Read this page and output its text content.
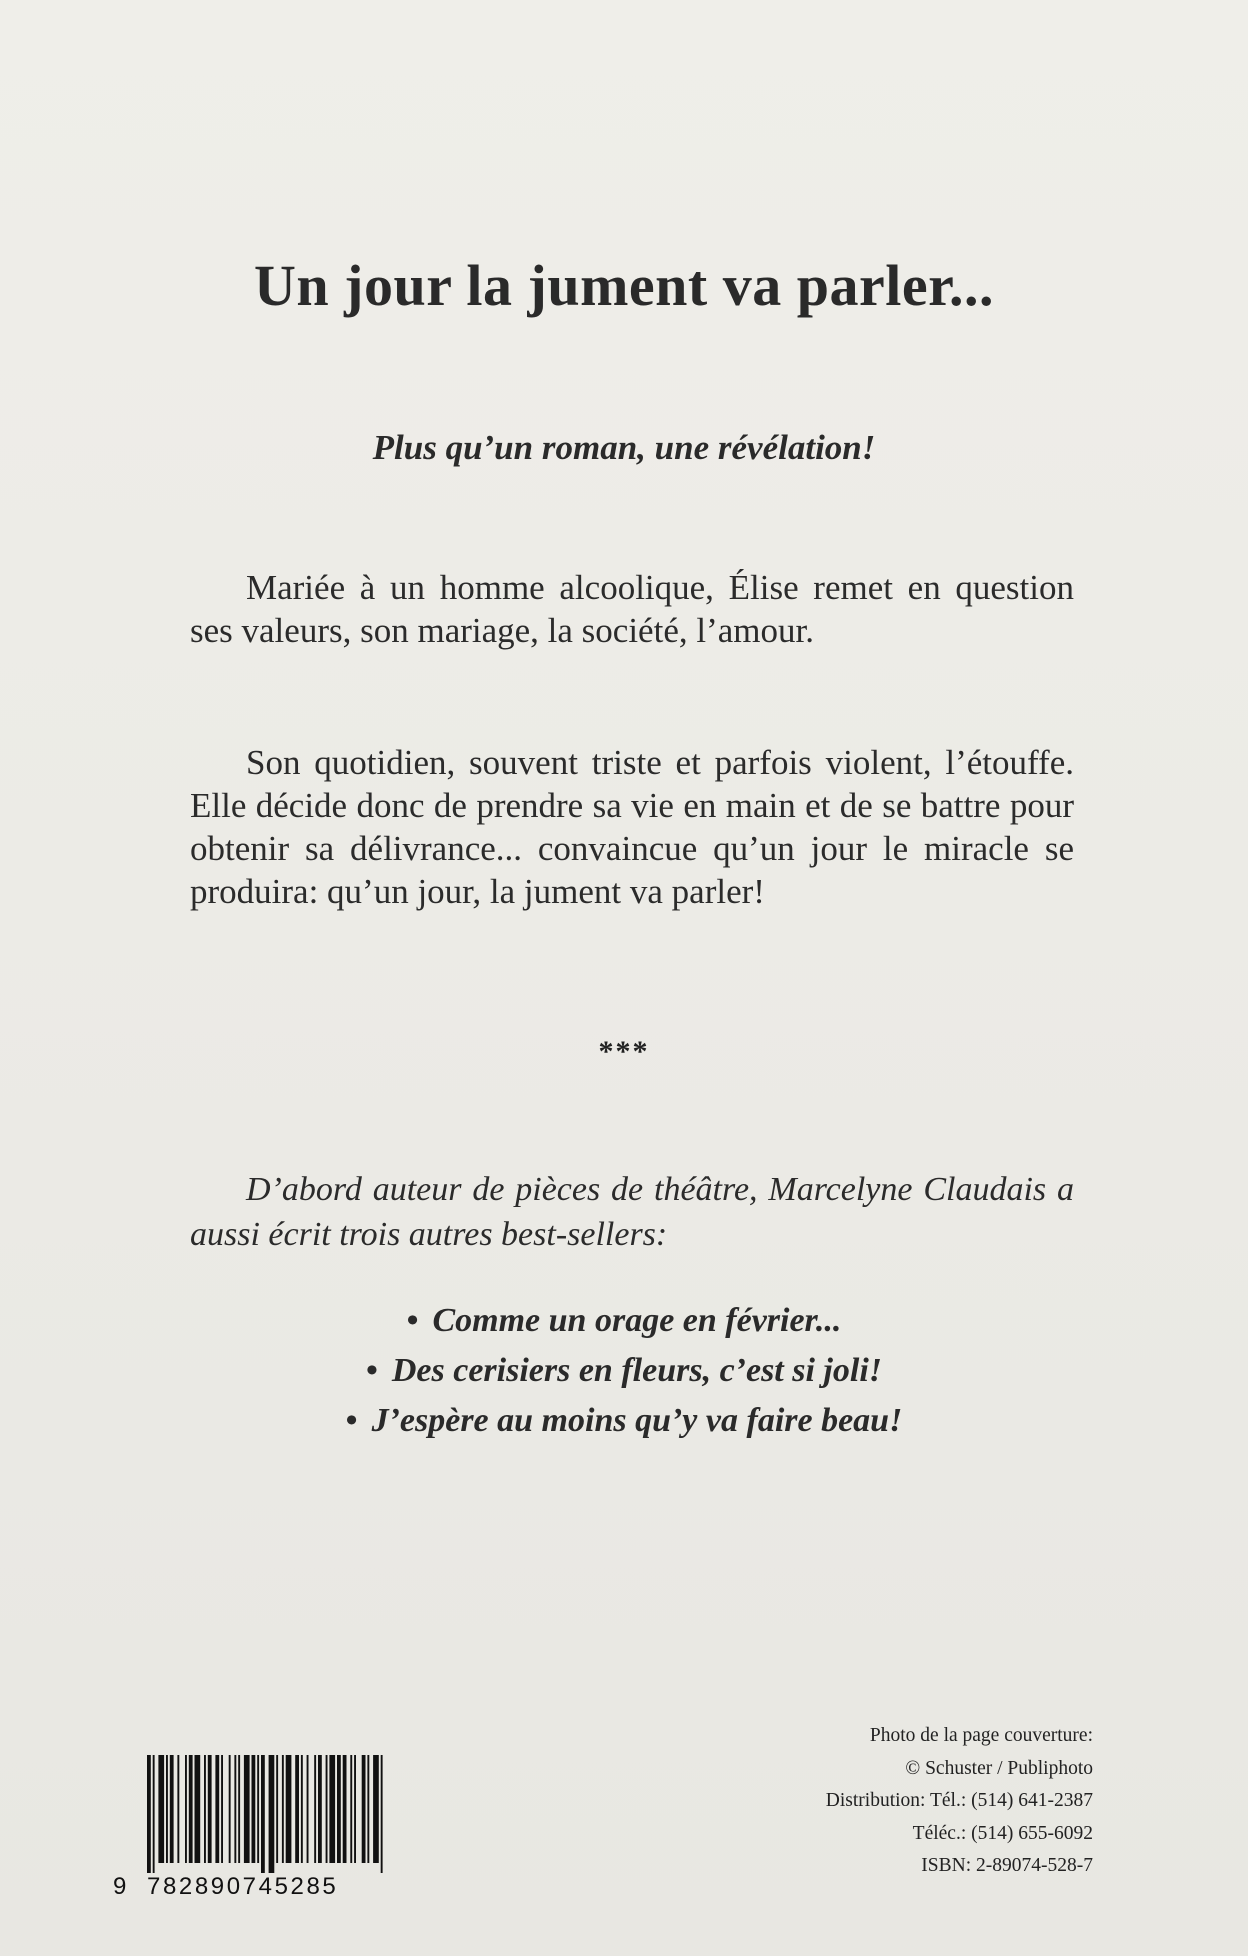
Un jour la jument va parler...
Plus qu’un roman, une révélation!
Mariée à un homme alcoolique, Élise remet en question ses valeurs, son mariage, la société, l’amour.
Son quotidien, souvent triste et parfois violent, l’étouffe. Elle décide donc de prendre sa vie en main et de se battre pour obtenir sa délivrance... convaincue qu’un jour le miracle se produira: qu’un jour, la jument va parler!
***
D’abord auteur de pièces de théâtre, Marcelyne Claudais a aussi écrit trois autres best-sellers:
• Comme un orage en février...
• Des cerisiers en fleurs, c’est si joli!
• J’espère au moins qu’y va faire beau!
Photo de la page couverture:
© Schuster / Publiphoto
Distribution: Tél.: (514) 641-2387
Téléc.: (514) 655-6092
ISBN: 2-89074-528-7
9 782890745285
